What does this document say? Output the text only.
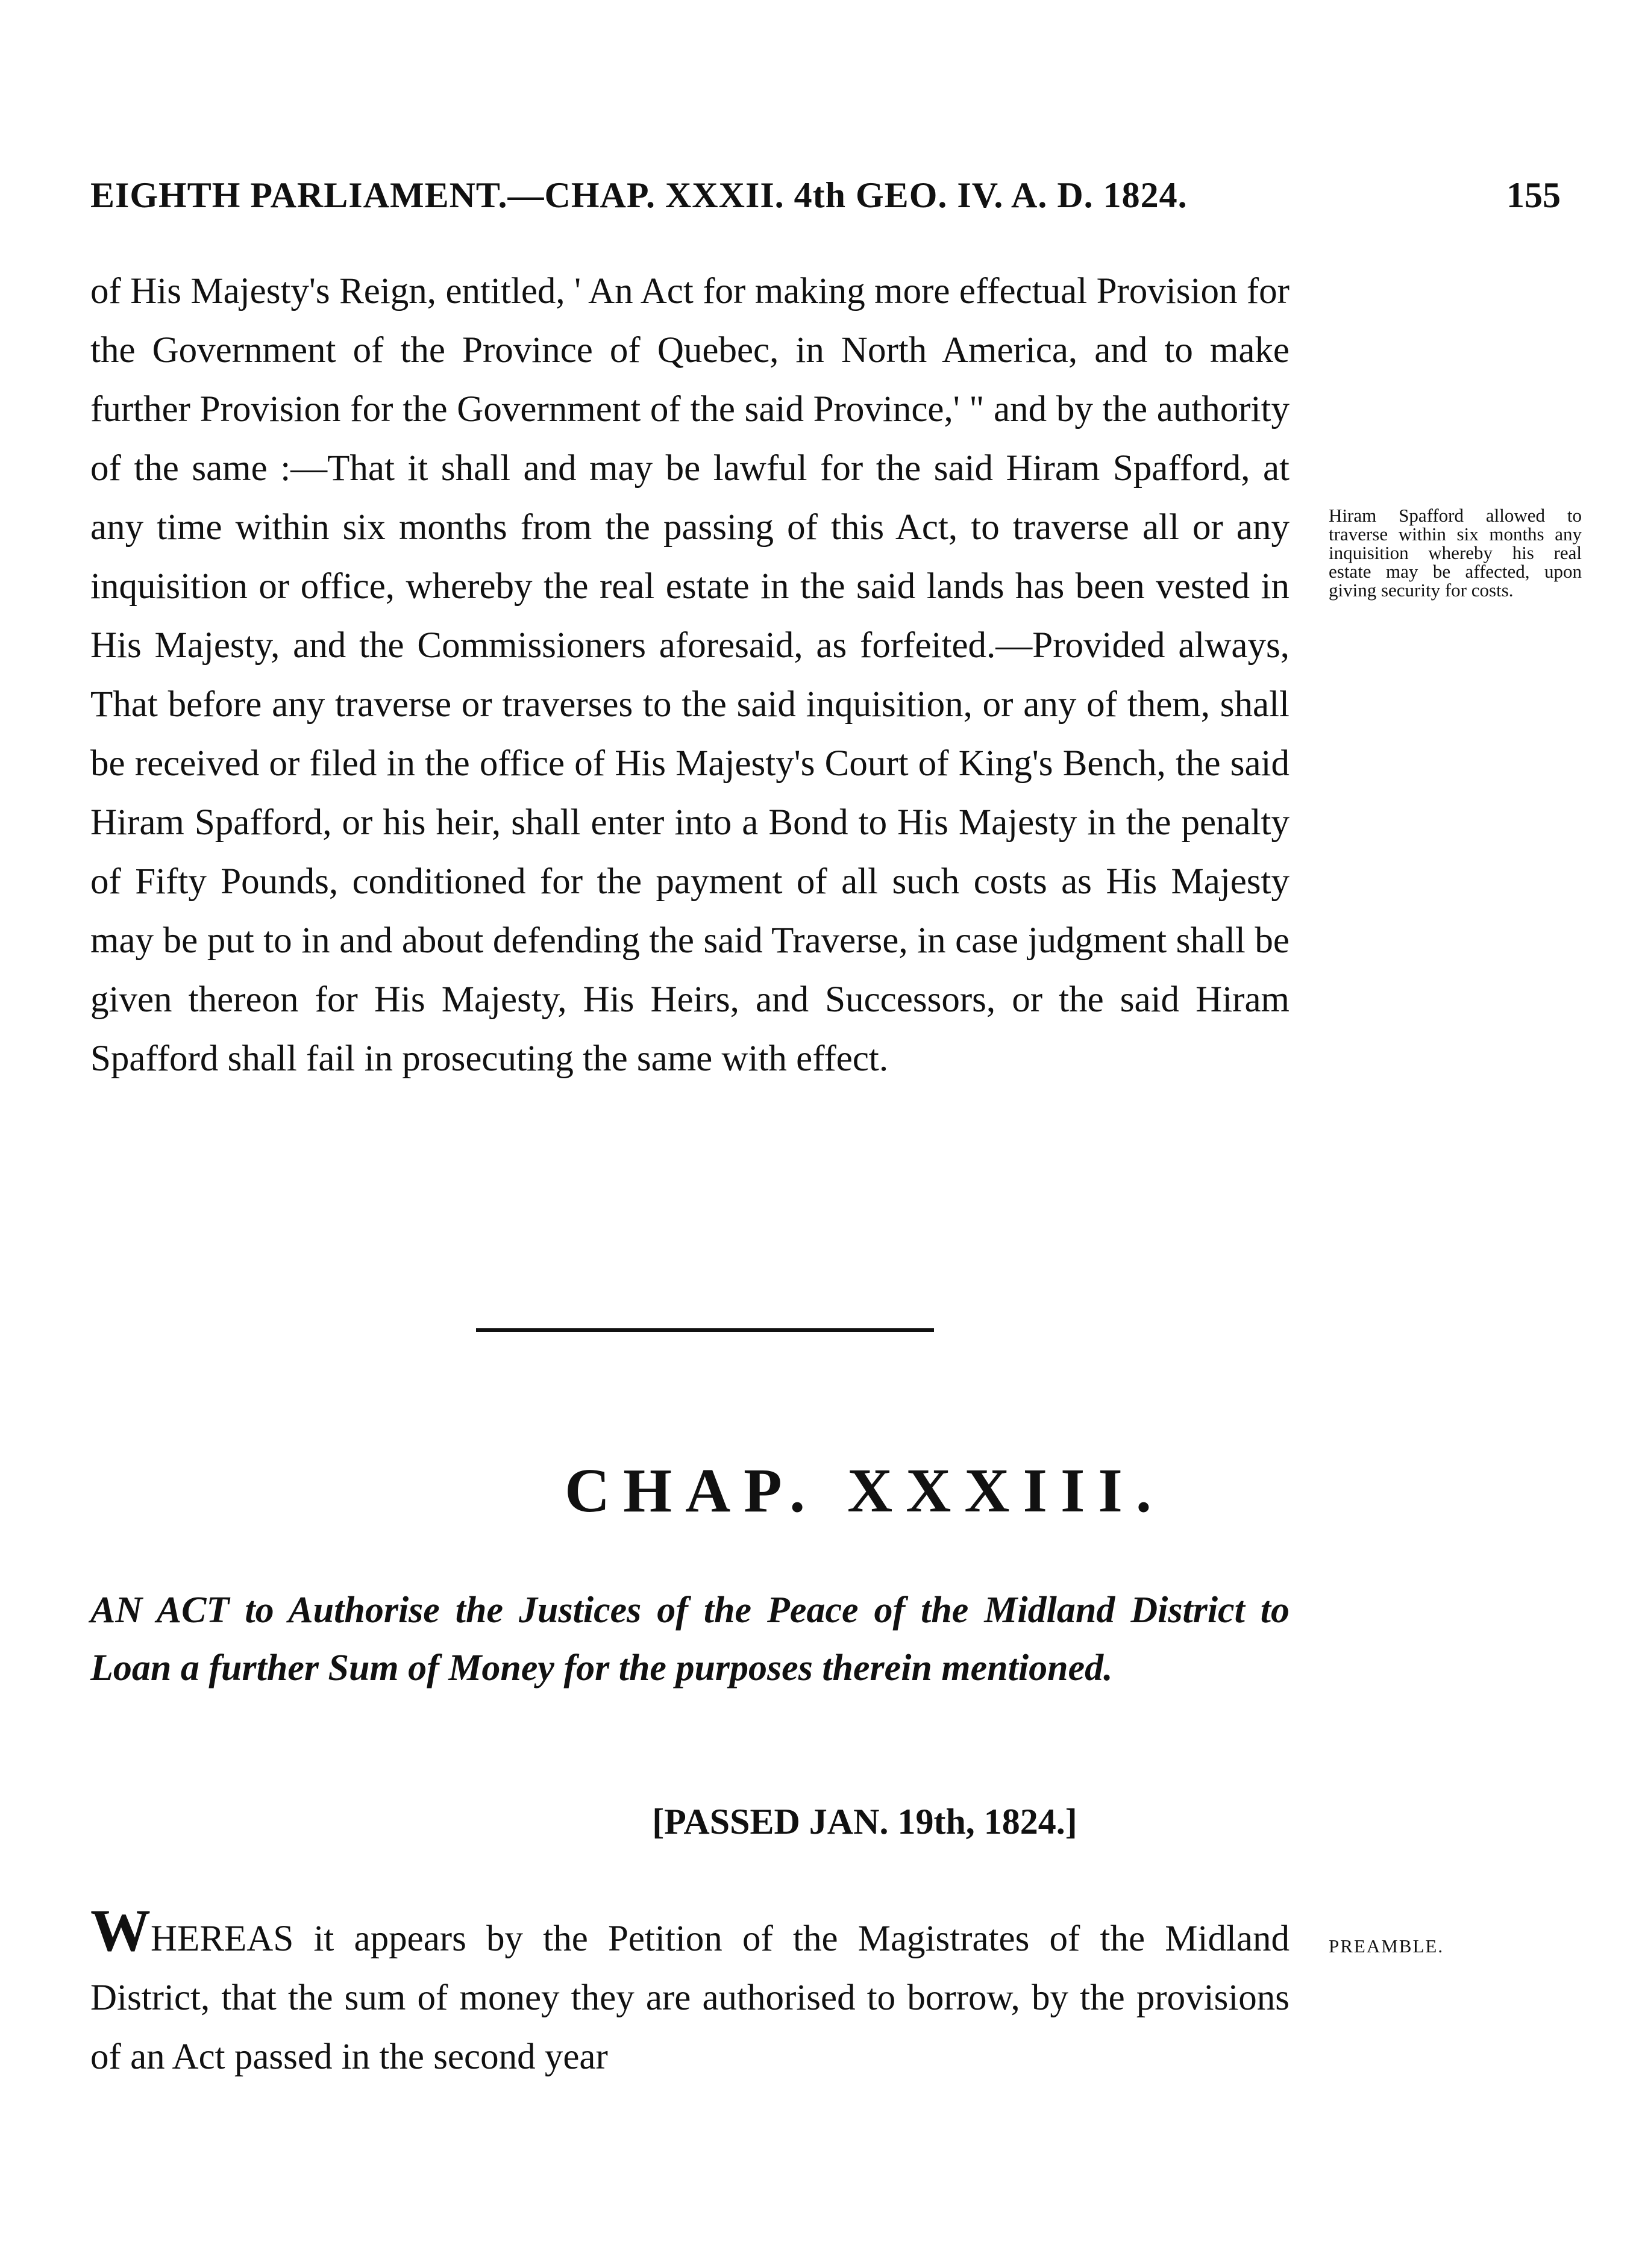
EIGHTH PARLIAMENT.—CHAP. XXXII. 4th GEO. IV. A. D. 1824.	155

of His Majesty's Reign, entitled, ' An Act for making more effectual Provision for the Government of the Province of Quebec, in North America, and to make further Provision for the Government of the said Province,' " and by the authority of the same :—That it shall and may be lawful for the said Hiram Spafford, at any time within six months from the passing of this Act, to traverse all or any inquisition or office, whereby the real estate in the said lands has been vested in His Majesty, and the Commissioners aforesaid, as forfeited.—Provided always, That before any traverse or traverses to the said inquisition, or any of them, shall be received or filed in the office of His Majesty's Court of King's Bench, the said Hiram Spafford, or his heir, shall enter into a Bond to His Majesty in the penalty of Fifty Pounds, conditioned for the payment of all such costs as His Majesty may be put to in and about defending the said Traverse, in case judgment shall be given thereon for His Majesty, His Heirs, and Successors, or the said Hiram Spafford shall fail in prosecuting the same with effect.

Hiram Spafford allowed to traverse within six months any inquisition whereby his real estate may be affected, upon giving security for costs.
CHAP. XXXIII.
AN ACT to Authorise the Justices of the Peace of the Midland District to Loan a further Sum of Money for the purposes therein mentioned.
[PASSED JAN. 19th, 1824.]

WHEREAS it appears by the Petition of the Magistrates of the Midland District, that the sum of money they are authorised to borrow, by the provisions of an Act passed in the second year

PREAMBLE.
